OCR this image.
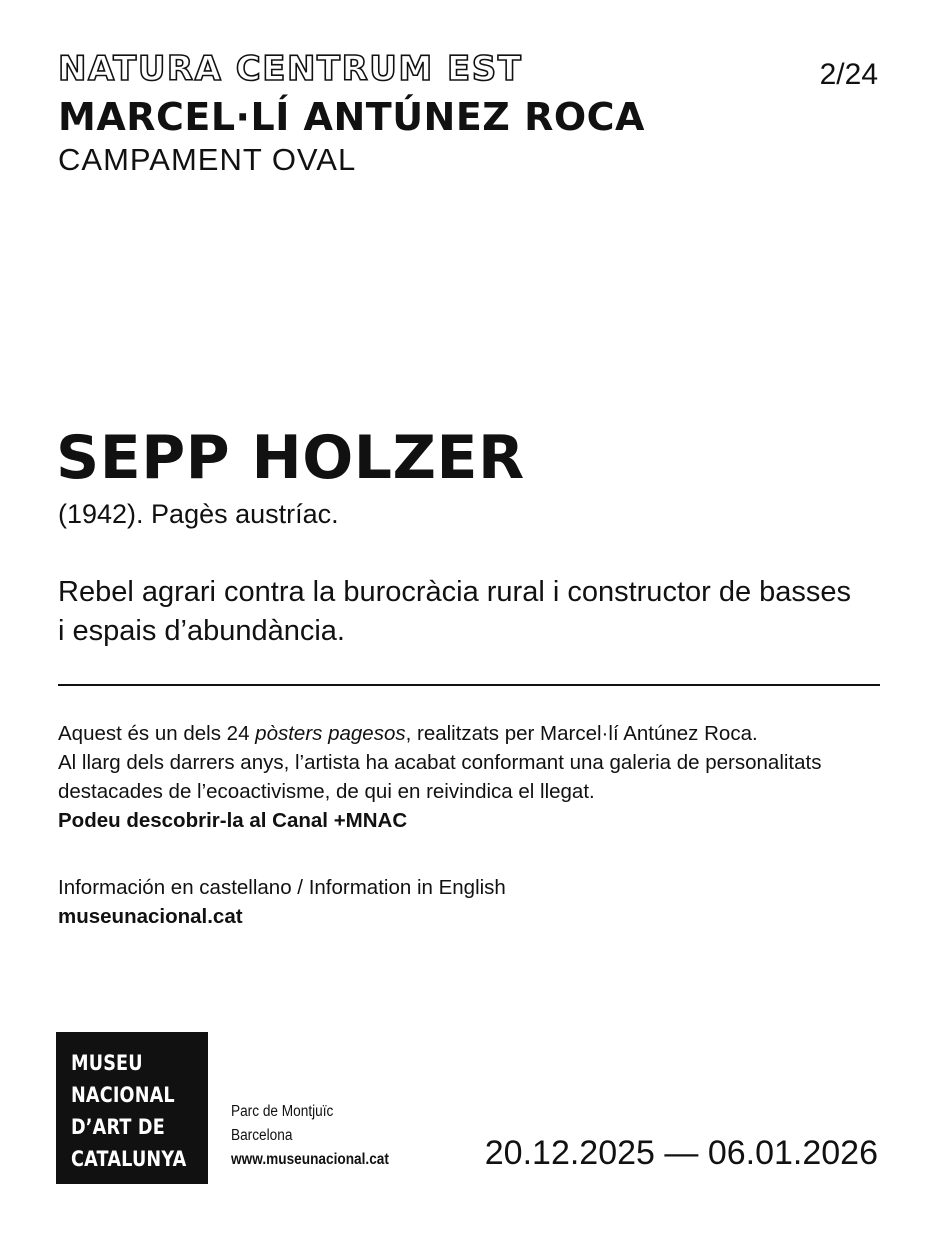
NATURA CENTRUM EST	2/24
MARCEL·LÍ ANTÚNEZ ROCA
CAMPAMENT OVAL
SEPP HOLZER
(1942). Pagès austríac.
Rebel agrari contra la burocràcia rural i constructor de basses i espais d’abundància.

Aquest és un dels 24 pòsters pagesos, realitzats per Marcel·lí Antúnez Roca.

Al llarg dels darrers anys, l’artista ha acabat conformant una galeria de personalitats destacades de l’ecoactivisme, de qui en reivindica el llegat.

Podeu descobrir-la al Canal +MNAC

Información en castellano / Information in English

museunacional.cat

MUSEU
NACIONAL
D’ART DE
CATALUNYA
Parc de Montjuïc
Barcelona
www.museunacional.cat	20.12.2025 — 06.01.2026
